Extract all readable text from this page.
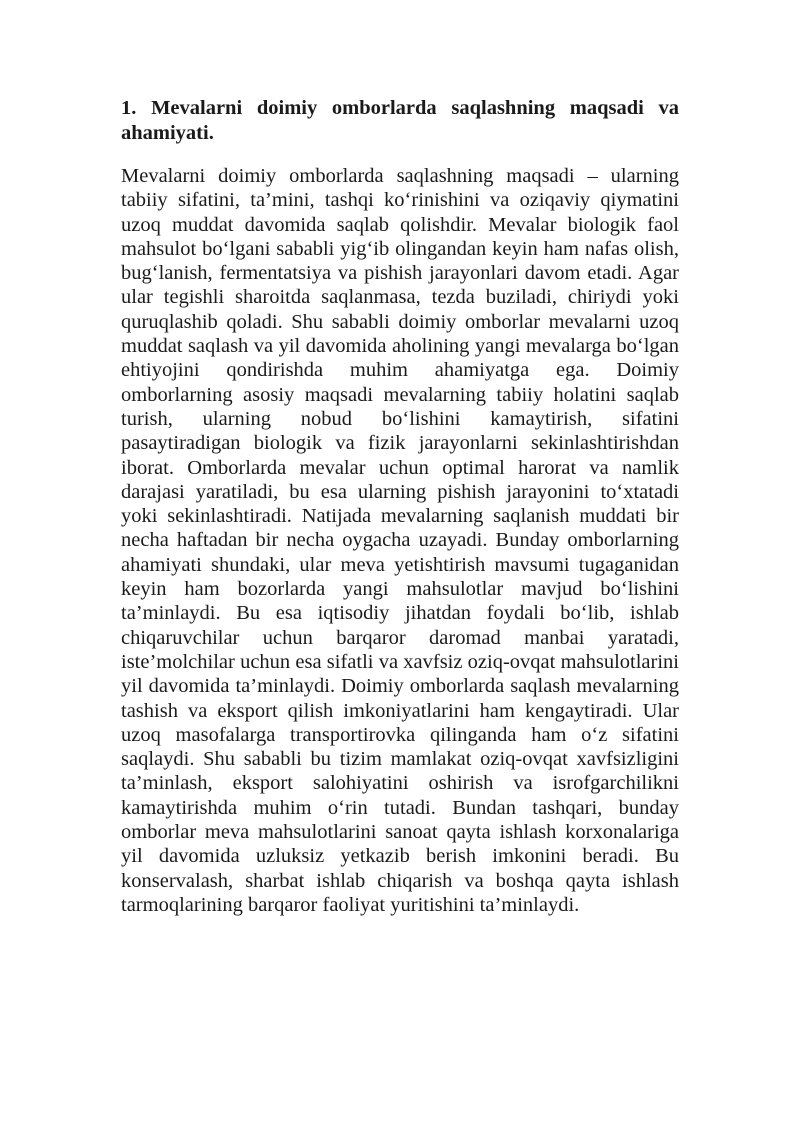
1. Mevalarni doimiy omborlarda saqlashning maqsadi va ahamiyati.

Mevalarni doimiy omborlarda saqlashning maqsadi – ularning tabiiy sifatini, ta’mini, tashqi ko‘rinishini va oziqaviy qiymatini uzoq muddat davomida saqlab qolishdir. Mevalar biologik faol mahsulot bo‘lgani sababli yig‘ib olingandan keyin ham nafas olish, bug‘lanish, fermentatsiya va pishish jarayonlari davom etadi. Agar ular tegishli sharoitda saqlanmasa, tezda buziladi, chiriydi yoki quruqlashib qoladi. Shu sababli doimiy omborlar mevalarni uzoq muddat saqlash va yil davomida aholining yangi mevalarga bo‘lgan ehtiyojini qondirishda muhim ahamiyatga ega. Doimiy omborlarning asosiy maqsadi mevalarning tabiiy holatini saqlab turish, ularning nobud bo‘lishini kamaytirish, sifatini pasaytiradigan biologik va fizik jarayonlarni sekinlashtirishdan iborat. Omborlarda mevalar uchun optimal harorat va namlik darajasi yaratiladi, bu esa ularning pishish jarayonini to‘xtatadi yoki sekinlashtiradi. Natijada mevalarning saqlanish muddati bir necha haftadan bir necha oygacha uzayadi. Bunday omborlarning ahamiyati shundaki, ular meva yetishtirish mavsumi tugaganidan keyin ham bozorlarda yangi mahsulotlar mavjud bo‘lishini ta’minlaydi. Bu esa iqtisodiy jihatdan foydali bo‘lib, ishlab chiqaruvchilar uchun barqaror daromad manbai yaratadi, iste’molchilar uchun esa sifatli va xavfsiz oziq-ovqat mahsulotlarini yil davomida ta’minlaydi. Doimiy omborlarda saqlash mevalarning tashish va eksport qilish imkoniyatlarini ham kengaytiradi. Ular uzoq masofalarga transportirovka qilinganda ham o‘z sifatini saqlaydi. Shu sababli bu tizim mamlakat oziq-ovqat xavfsizligini ta’minlash, eksport salohiyatini oshirish va isrofgarchilikni kamaytirishda muhim o‘rin tutadi. Bundan tashqari, bunday omborlar meva mahsulotlarini sanoat qayta ishlash korxonalariga yil davomida uzluksiz yetkazib berish imkonini beradi. Bu konservalash, sharbat ishlab chiqarish va boshqa qayta ishlash tarmoqlarining barqaror faoliyat yuritishini ta’minlaydi.
